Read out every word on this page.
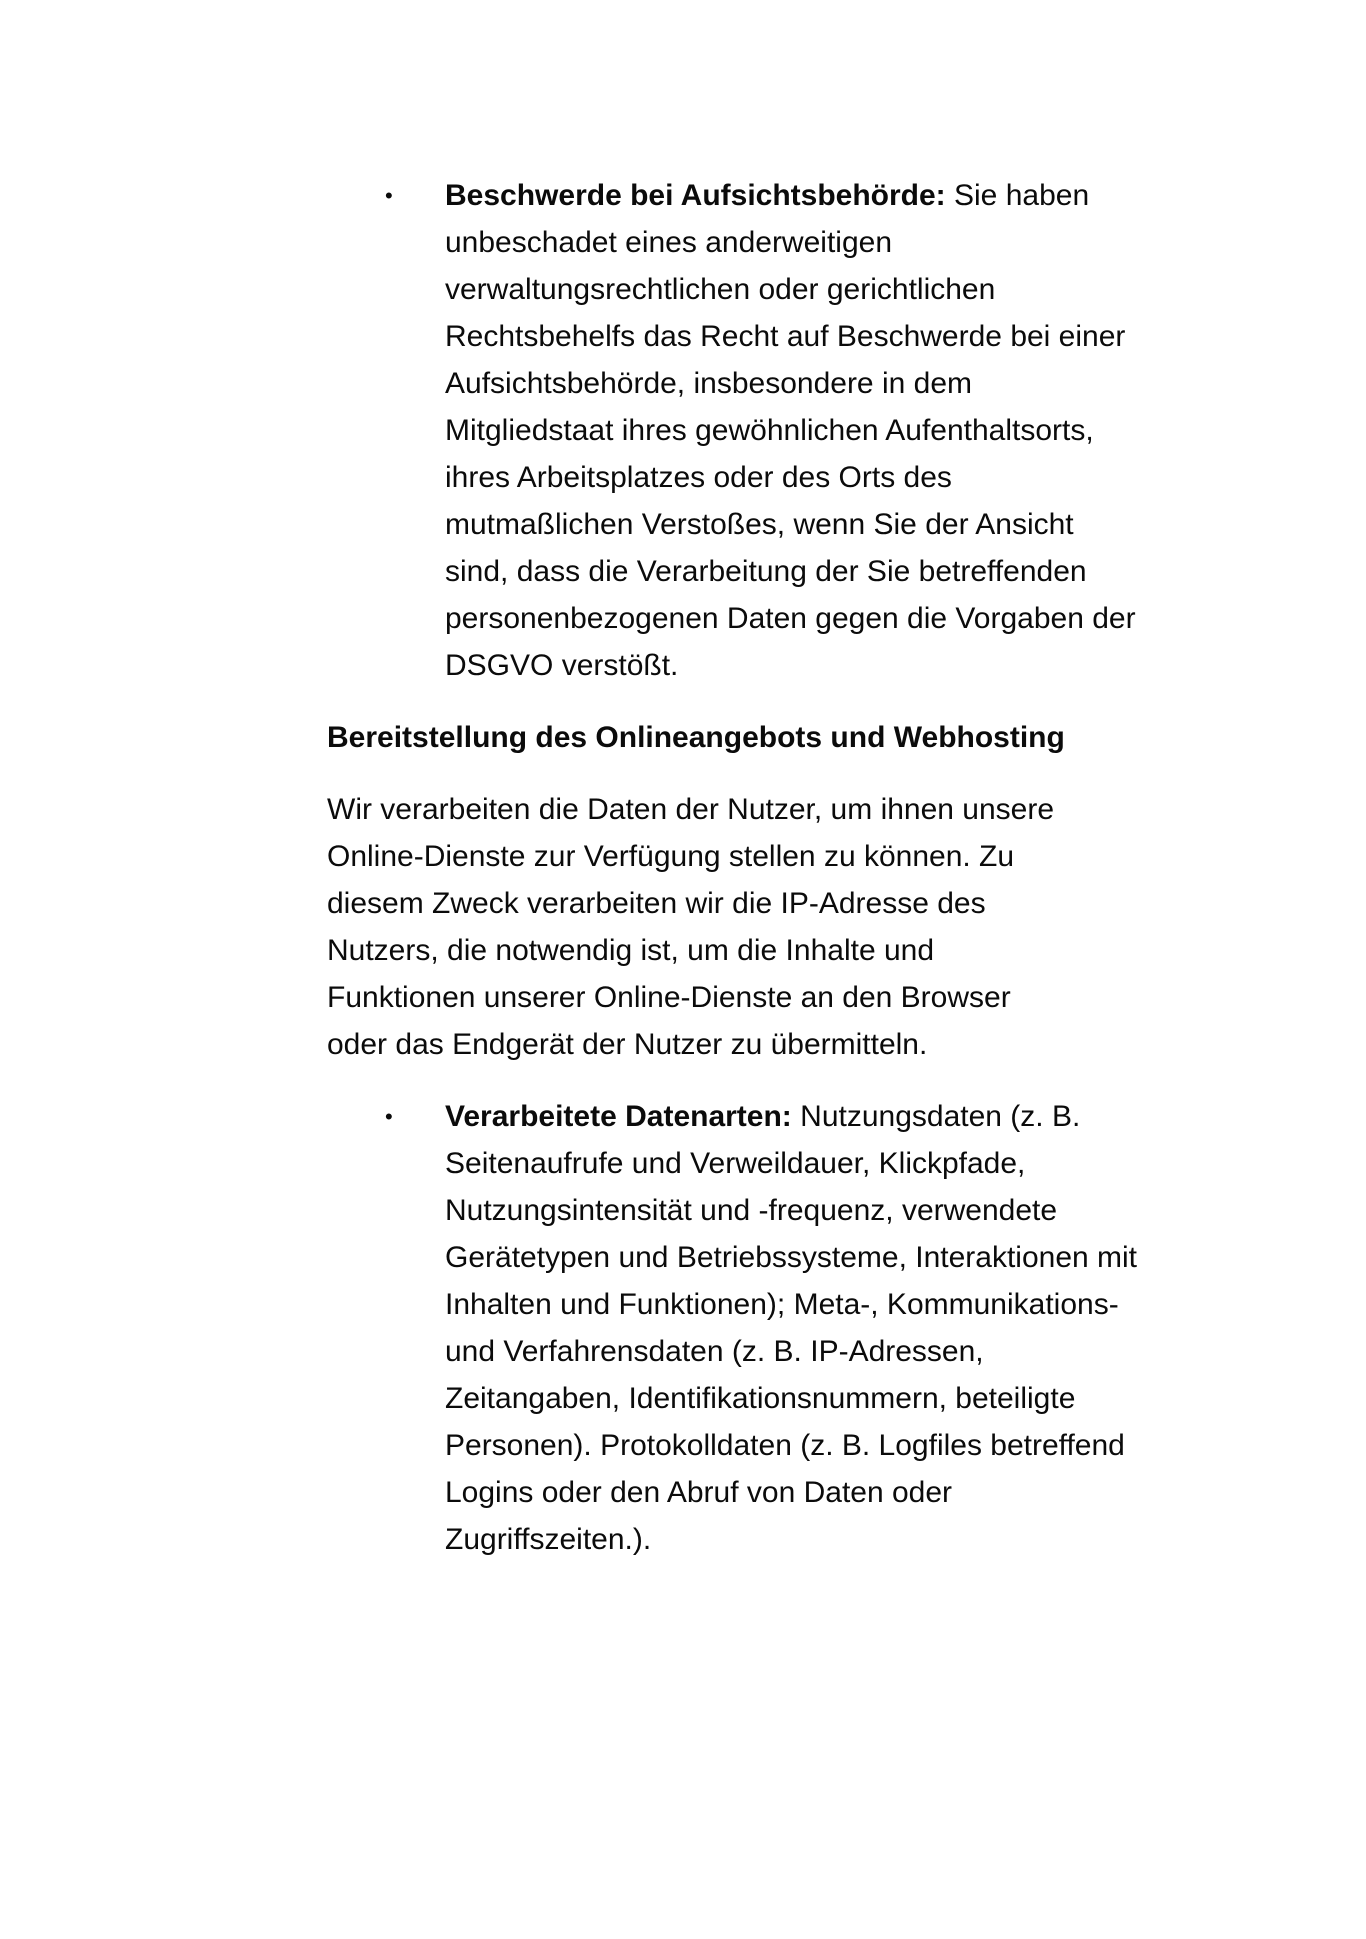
• Beschwerde bei Aufsichtsbehörde: Sie haben unbeschadet eines anderweitigen verwaltungsrechtlichen oder gerichtlichen Rechtsbehelfs das Recht auf Beschwerde bei einer Aufsichtsbehörde, insbesondere in dem Mitgliedstaat ihres gewöhnlichen Aufenthaltsorts, ihres Arbeitsplatzes oder des Orts des mutmaßlichen Verstoßes, wenn Sie der Ansicht sind, dass die Verarbeitung der Sie betreffenden personenbezogenen Daten gegen die Vorgaben der DSGVO verstößt.

Bereitstellung des Onlineangebots und Webhosting

Wir verarbeiten die Daten der Nutzer, um ihnen unsere Online-Dienste zur Verfügung stellen zu können. Zu diesem Zweck verarbeiten wir die IP-Adresse des Nutzers, die notwendig ist, um die Inhalte und Funktionen unserer Online-Dienste an den Browser oder das Endgerät der Nutzer zu übermitteln.

• Verarbeitete Datenarten: Nutzungsdaten (z. B. Seitenaufrufe und Verweildauer, Klickpfade, Nutzungsintensität und -frequenz, verwendete Gerätetypen und Betriebssysteme, Interaktionen mit Inhalten und Funktionen); Meta-, Kommunikations- und Verfahrensdaten (z. B. IP-Adressen, Zeitangaben, Identifikationsnummern, beteiligte Personen). Protokolldaten (z. B. Logfiles betreffend Logins oder den Abruf von Daten oder Zugriffszeiten.).
